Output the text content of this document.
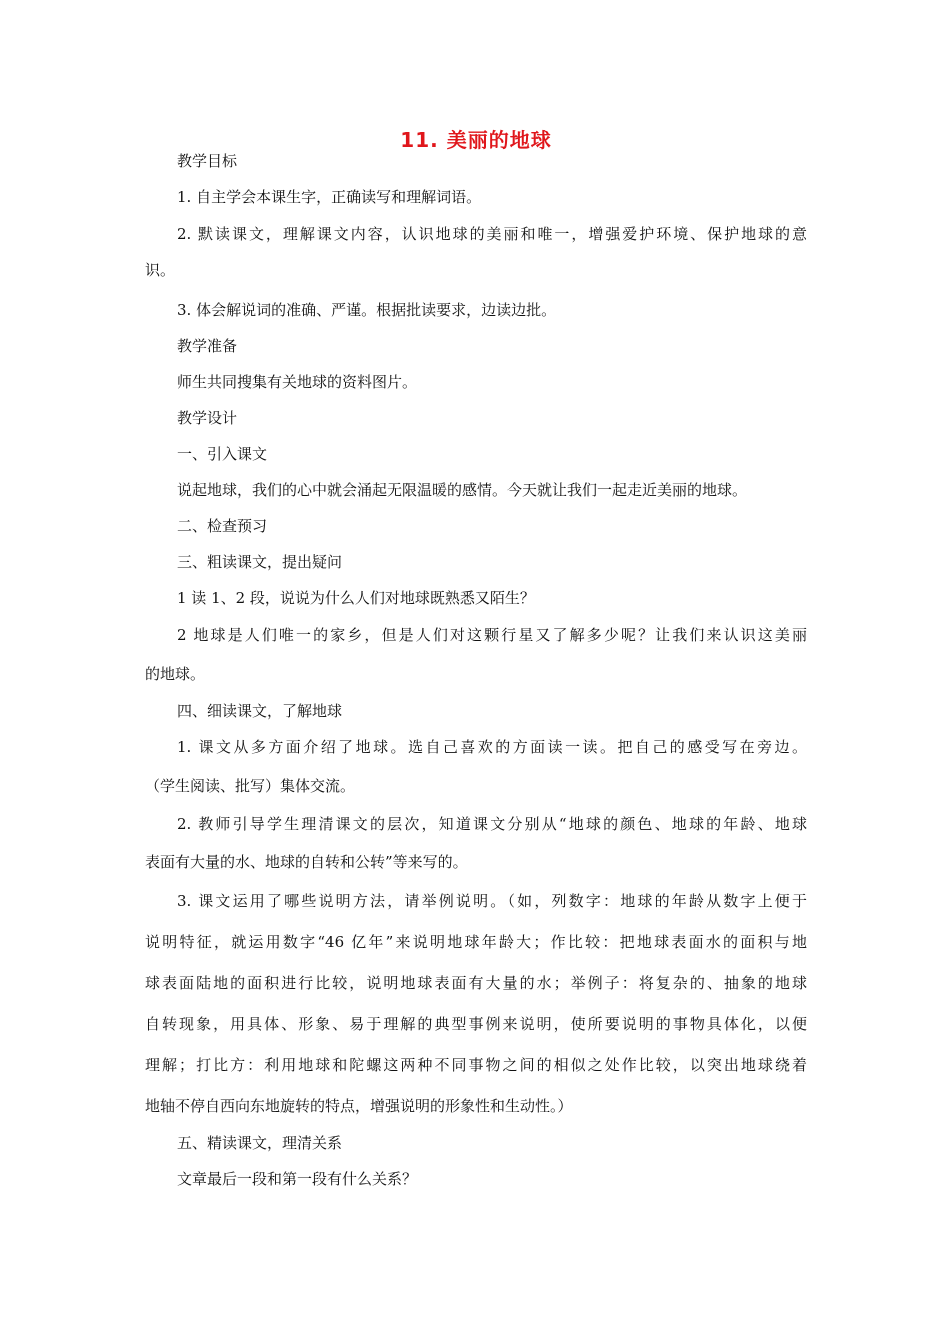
11. 美丽的地球
教学目标
1. 自主学会本课生字，正确读写和理解词语。
2. 默读课文，理解课文内容，认识地球的美丽和唯一，增强爱护环境、保护地球的意
识。
3. 体会解说词的准确、严谨。根据批读要求，边读边批。
教学准备
师生共同搜集有关地球的资料图片。
教学设计
一、引入课文
说起地球，我们的心中就会涌起无限温暖的感情。今天就让我们一起走近美丽的地球。
二、检查预习
三、粗读课文，提出疑问
1 读 1、2 段，说说为什么人们对地球既熟悉又陌生？
2 地球是人们唯一的家乡，但是人们对这颗行星又了解多少呢？让我们来认识这美丽
的地球。
四、细读课文，了解地球
1. 课文从多方面介绍了地球。选自己喜欢的方面读一读。把自己的感受写在旁边。
（学生阅读、批写）集体交流。
2. 教师引导学生理清课文的层次，知道课文分别从“地球的颜色、地球的年龄、地球
表面有大量的水、地球的自转和公转”等来写的。
3. 课文运用了哪些说明方法，请举例说明。（如，列数字：地球的年龄从数字上便于
说明特征，就运用数字“46 亿年”来说明地球年龄大；作比较：把地球表面水的面积与地
球表面陆地的面积进行比较，说明地球表面有大量的水；举例子：将复杂的、抽象的地球
自转现象，用具体、形象、易于理解的典型事例来说明，使所要说明的事物具体化，以便
理解；打比方：利用地球和陀螺这两种不同事物之间的相似之处作比较，以突出地球绕着
地轴不停自西向东地旋转的特点，增强说明的形象性和生动性。）
五、精读课文，理清关系
文章最后一段和第一段有什么关系？
